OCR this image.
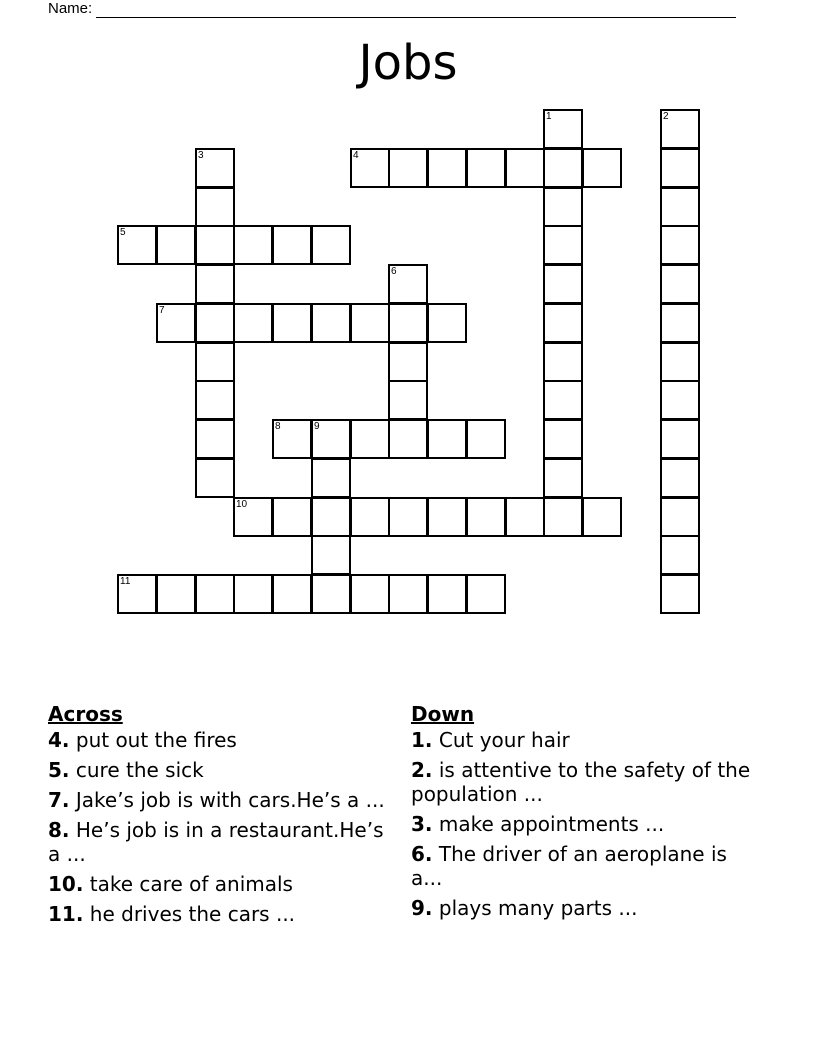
Name:
Jobs
1	2
3	4
5
6
7
8	9
10
11
Across
4. put out the fires
5. cure the sick
7. Jake’s job is with cars.He’s a ...
8. He’s job is in a restaurant.He’s a ...
10. take care of animals
11. he drives the cars ...
Down
1. Cut your hair
2. is attentive to the safety of the population ...
3. make appointments ...
6. The driver of an aeroplane is a...
9. plays many parts ...
